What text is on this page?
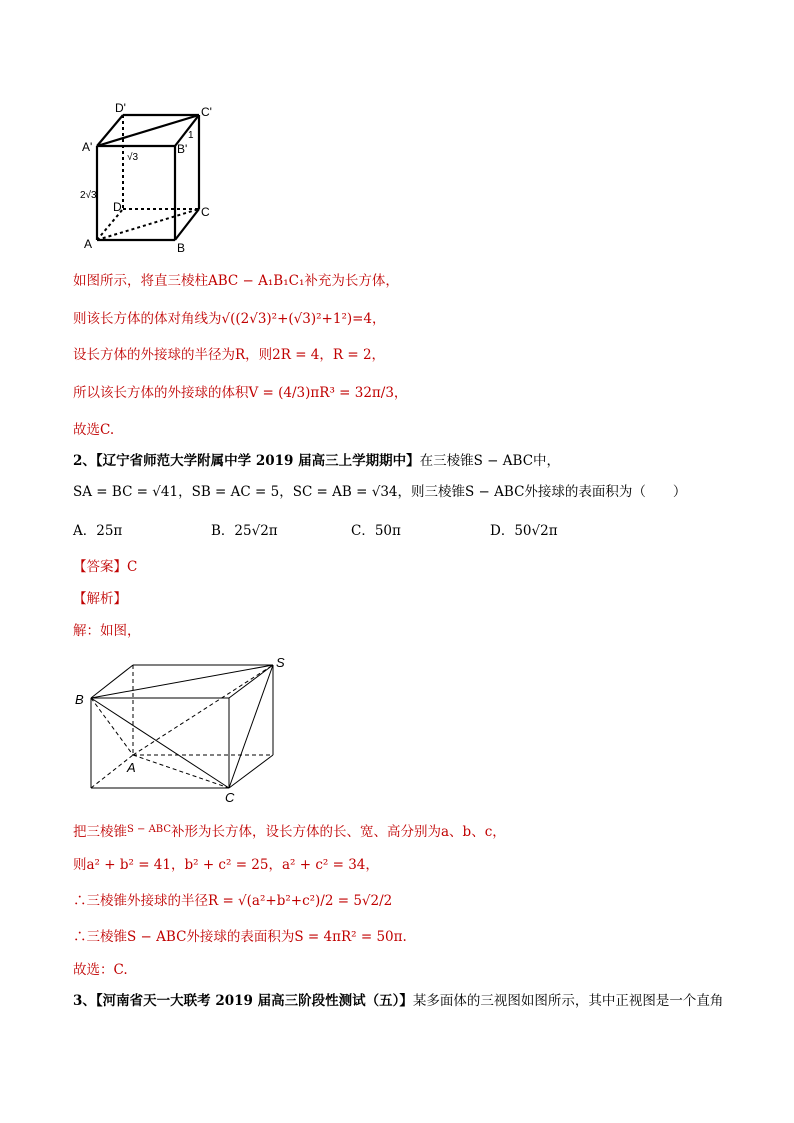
D'	C'
A'	B'
D	C
A	B
1
√3
2√3
如图所示，将直三棱柱ABC − A₁B₁C₁补充为长方体，
则该长方体的体对角线为√((2√3)²+(√3)²+1²)=4，
设长方体的外接球的半径为R，则2R = 4，R = 2，
所以该长方体的外接球的体积V = (4/3)πR³ = 32π/3，
故选C.
2、【辽宁省师范大学附属中学 2019 届高三上学期期中】在三棱锥S − ABC中，
SA = BC = √41，SB = AC = 5，SC = AB = √34，则三棱锥S − ABC外接球的表面积为（　　）
A．25π	B．25√2π	C．50π	D．50√2π
【答案】C
【解析】
解：如图，
S
B
A
C
把三棱锥$^{S - ABC}$补形为长方体，设长方体的长、宽、高分别为a、b、c，
则a² + b² = 41，b² + c² = 25，a² + c² = 34，
∴三棱锥外接球的半径R = √(a²+b²+c²)/2 = 5√2/2
∴三棱锥S − ABC外接球的表面积为S = 4πR² = 50π.
故选：C.
3、【河南省天一大联考 2019 届高三阶段性测试（五）】某多面体的三视图如图所示，其中正视图是一个直角
